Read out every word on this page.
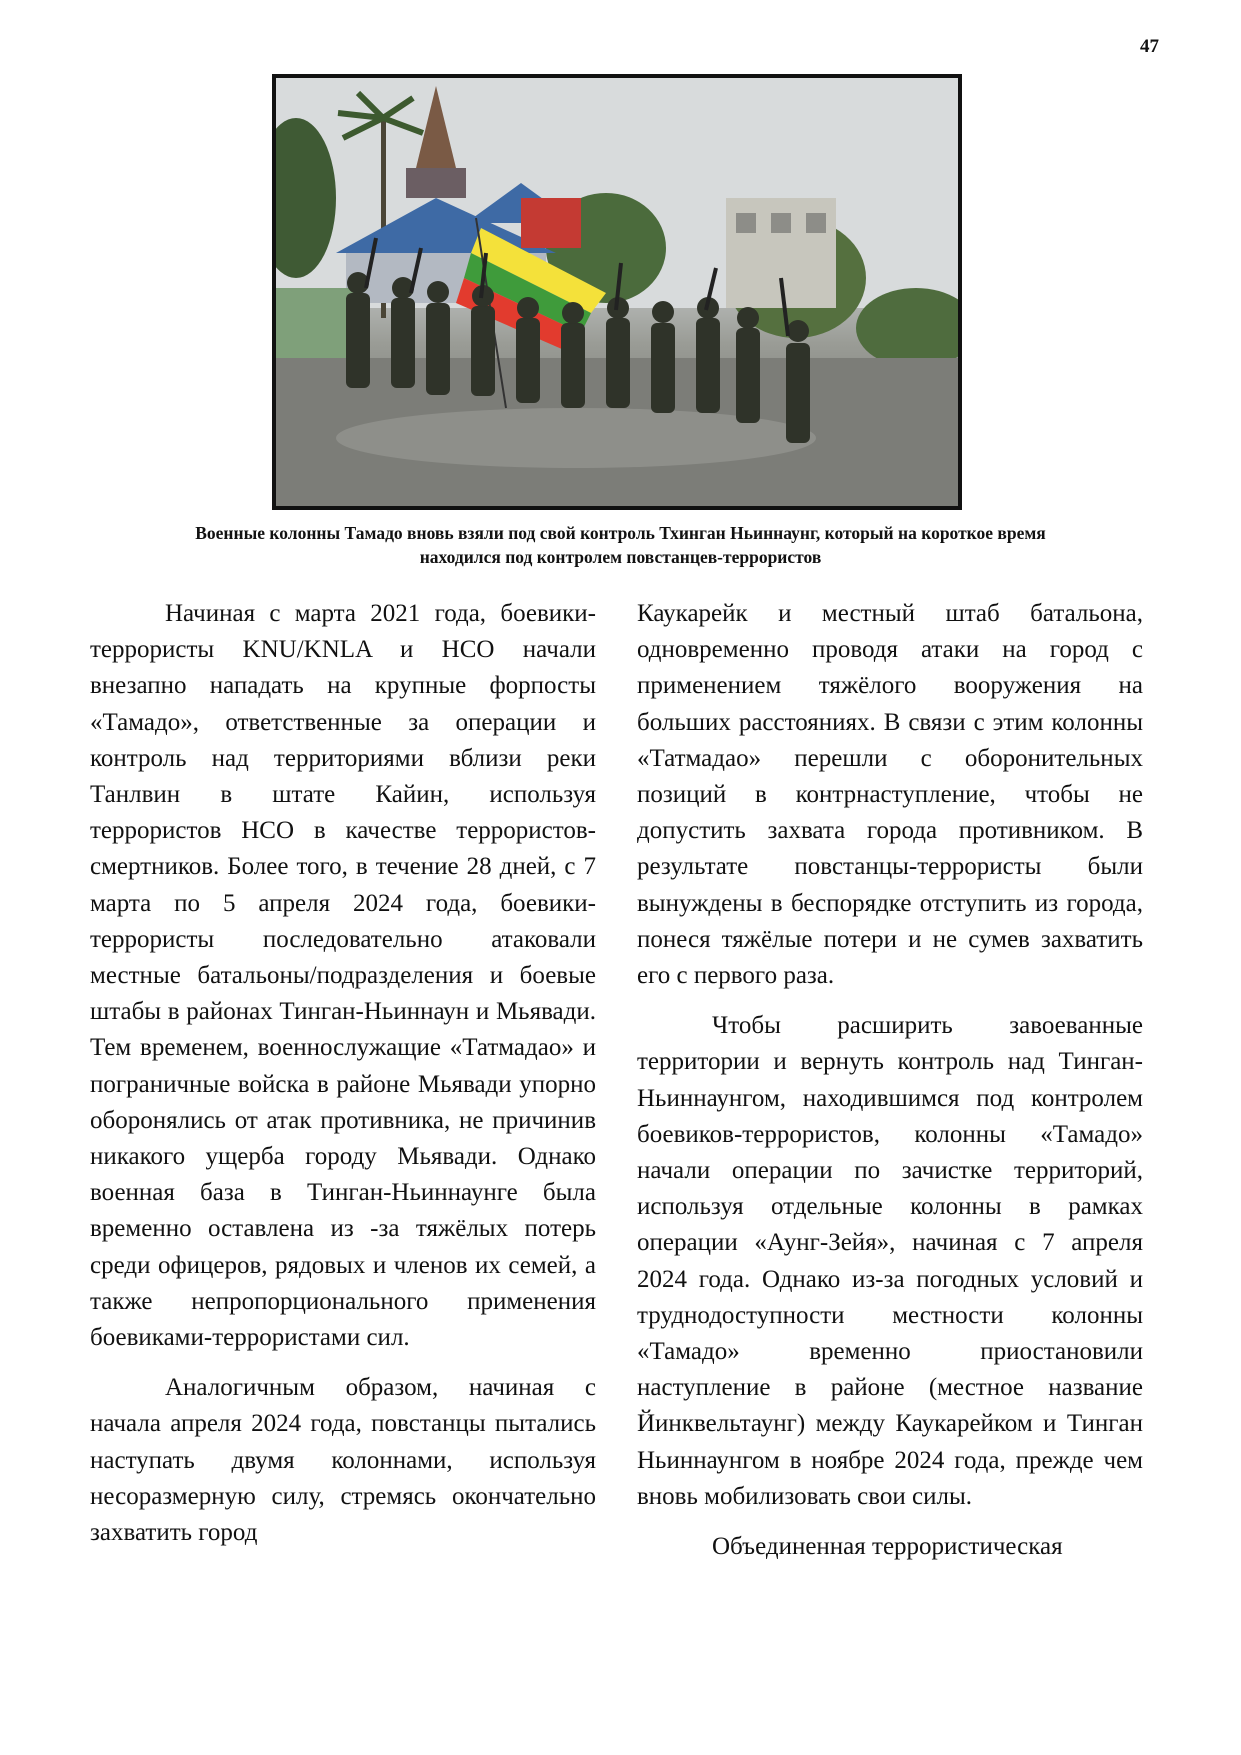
47
Военные колонны Тамадо вновь взяли под свой контроль Тхинган Ньиннаунг, который на короткое время
находился под контролем повстанцев-террористов

Начиная с марта 2021 года, боевики-террористы KNU/KNLA и НСО начали внезапно нападать на крупные форпосты «Тамадо», ответственные за операции и контроль над территориями вблизи реки Танлвин в штате Кайин, используя террористов НСО в качестве террористов-смертников. Более того, в течение 28 дней, с 7 марта по 5 апреля 2024 года, боевики-террористы последовательно атаковали местные батальоны/подразделения и боевые штабы в районах Тинган-Ньиннаун и Мьявади. Тем временем, военнослужащие «Татмадао» и пограничные войска в районе Мьявади упорно оборонялись от атак противника, не причинив никакого ущерба городу Мьявади. Однако военная база в Тинган-Ньиннаунге была временно оставлена из -за тяжёлых потерь среди офицеров, рядовых и членов их семей, а также непропорционального применения боевиками-террористами сил.

Аналогичным образом, начиная с начала апреля 2024 года, повстанцы пытались наступать двумя колоннами, используя несоразмерную силу, стремясь окончательно захватить город

Каукарейк и местный штаб батальона, одновременно проводя атаки на город с применением тяжёлого вооружения на больших расстояниях. В связи с этим колонны «Татмадао» перешли с оборонительных позиций в контрнаступление, чтобы не допустить захвата города противником. В результате повстанцы-террористы были вынуждены в беспорядке отступить из города, понеся тяжёлые потери и не сумев захватить его с первого раза.

Чтобы расширить завоеванные территории и вернуть контроль над Тинган-Ньиннаунгом, находившимся под контролем боевиков-террористов, колонны «Тамадо» начали операции по зачистке территорий, используя отдельные колонны в рамках операции «Аунг-Зейя», начиная с 7 апреля 2024 года. Однако из-за погодных условий и труднодоступности местности колонны «Тамадо» временно приостановили наступление в районе (местное название Йинквельтаунг) между Каукарейком и Тинган Ньиннаунгом в ноябре 2024 года, прежде чем вновь мобилизовать свои силы.

Объединенная террористическая
